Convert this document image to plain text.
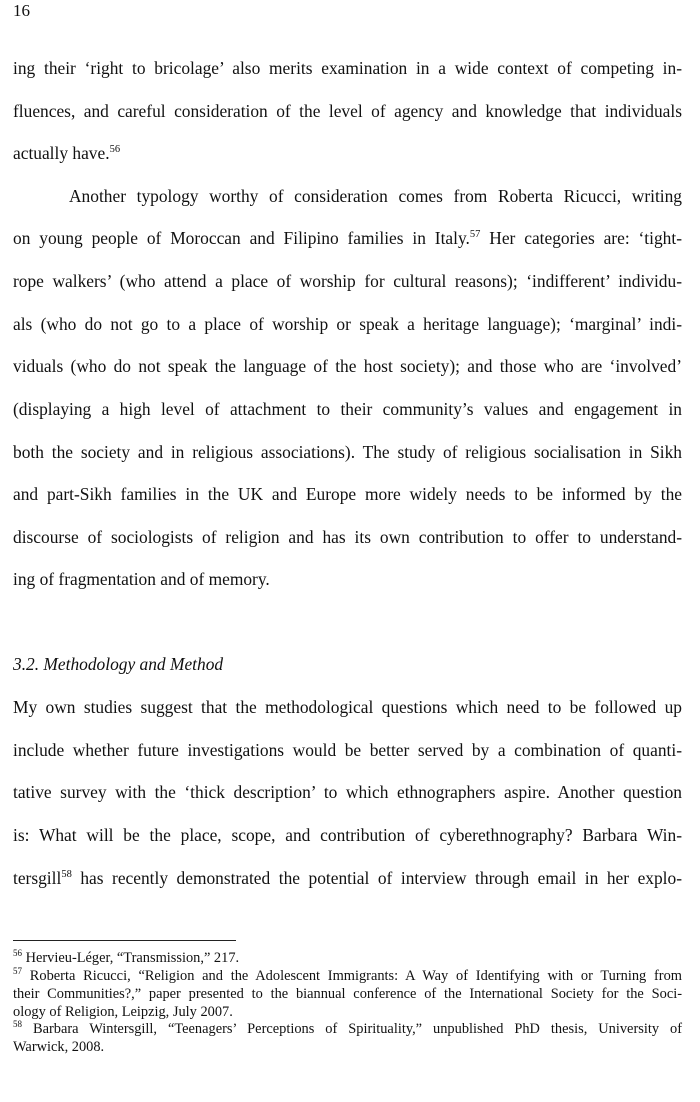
16
ing their ‘right to bricolage’ also merits examination in a wide context of competing in-
fluences, and careful consideration of the level of agency and knowledge that individuals
actually have.$^{56}$
Another typology worthy of consideration comes from Roberta Ricucci, writing
on young people of Moroccan and Filipino families in Italy.$^{57}$ Her categories are: ‘tight-
rope walkers’ (who attend a place of worship for cultural reasons); ‘indifferent’ individu-
als (who do not go to a place of worship or speak a heritage language); ‘marginal’ indi-
viduals (who do not speak the language of the host society); and those who are ‘involved’
(displaying a high level of attachment to their community’s values and engagement in
both the society and in religious associations). The study of religious socialisation in Sikh
and part-Sikh families in the UK and Europe more widely needs to be informed by the
discourse of sociologists of religion and has its own contribution to offer to understand-
ing of fragmentation and of memory.
3.2. Methodology and Method
My own studies suggest that the methodological questions which need to be followed up
include whether future investigations would be better served by a combination of quanti-
tative survey with the ‘thick description’ to which ethnographers aspire. Another question
is: What will be the place, scope, and contribution of cyberethnography? Barbara Win-
tersgill$^{58}$ has recently demonstrated the potential of interview through email in her explo-
$^{56}$ Hervieu-Léger, “Transmission,” 217.
$^{57}$ Roberta Ricucci, “Religion and the Adolescent Immigrants: A Way of Identifying with or Turning from
their Communities?,” paper presented to the biannual conference of the International Society for the Soci-
ology of Religion, Leipzig, July 2007.
$^{58}$ Barbara Wintersgill, “Teenagers’ Perceptions of Spirituality,” unpublished PhD thesis, University of
Warwick, 2008.
